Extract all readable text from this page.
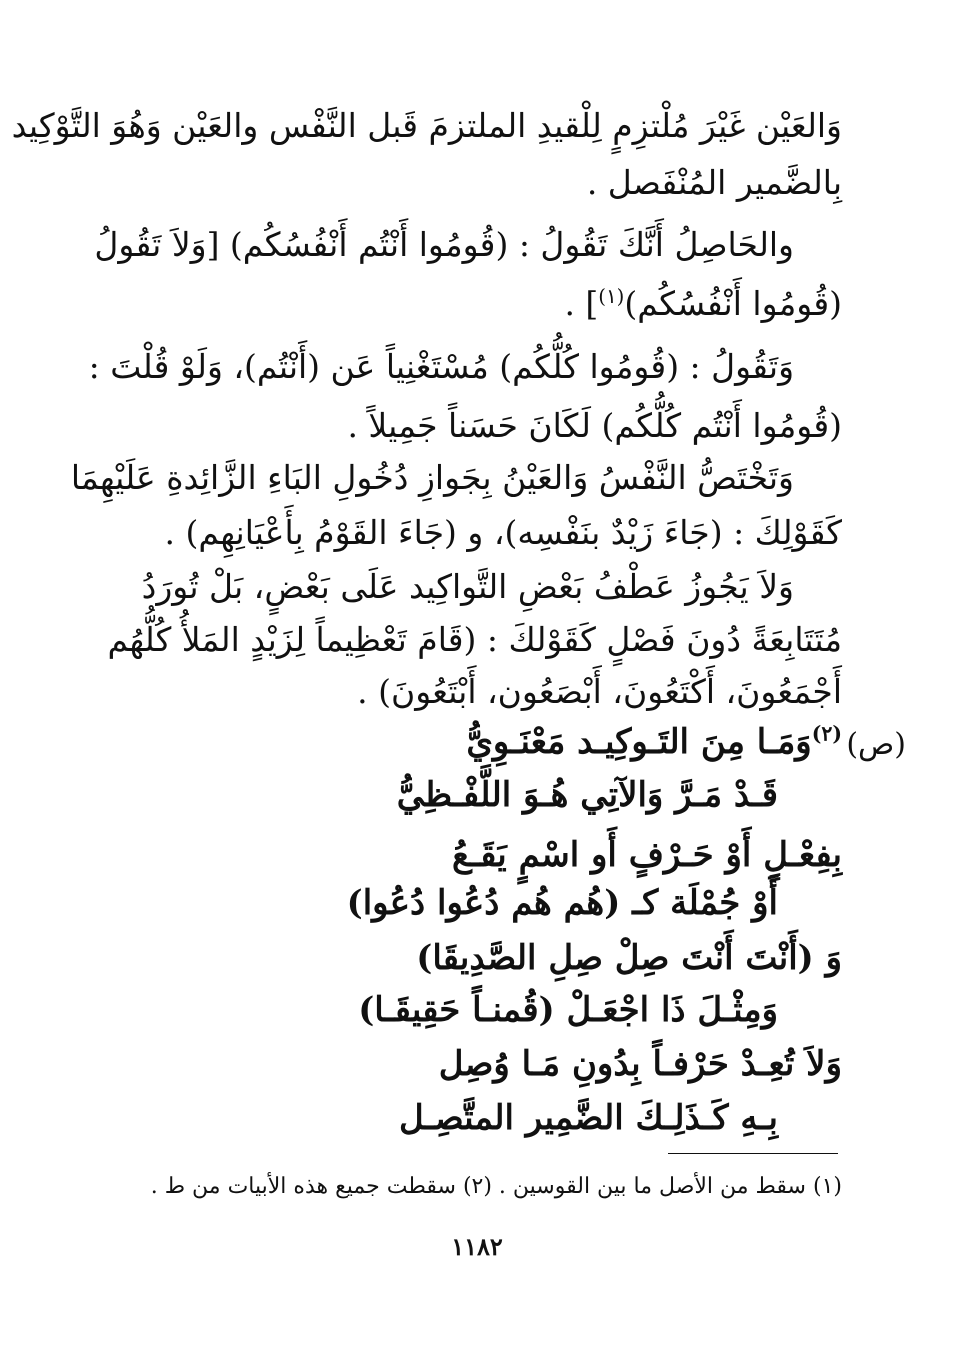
وَالعَيْن غَيْرَ مُلْتزِمٍ لِلْقيدِ الملتزمَ قَبل النَّفْس والعَيْن وَهُوَ التَّوْكِيد
بِالضَّمير المُنْفَصل .
والحَاصِلُ أَنَّكَ تَقُولُ : (قُومُوا أَنْتُم أَنْفُسُكُم) [وَلاَ تَقُولُ
(قُومُوا أَنْفُسُكُم)$^{(١)}$] .
وَتَقُولُ : (قُومُوا كُلُّكُم) مُسْتَغْنِياً عَن (أَنْتُم)، وَلَوْ قُلْتَ :
(قُومُوا أَنْتُم كُلُّكُم) لَكَانَ حَسَناً جَمِيلاً .
وَتَخْتَصُّ النَّفْسُ وَالعَيْنُ بِجَوازِ دُخُولِ البَاءِ الزَّائِدةِ عَلَيْهِمَا
كَقَوْلِكَ : (جَاءَ زَيْدٌ بنَفْسِه)، و (جَاءَ القَوْمُ بِأَعْيَانِهِم) .
وَلاَ يَجُوزُ عَطْفُ بَعْضِ التَّواكِيد عَلَى بَعْضٍ، بَلْ تُورَدُ
مُتَتَابِعَةً دُونَ فَصْلٍ كَقَوْلكَ : (قَامَ تَعْظِيماً لِزَيْدٍ المَلأُ كُلُّهُم
أَجْمَعُونَ، أَكْتَعُونَ، أَبْصَعُون، أَبْتَعُونَ) .
(ص)
$^{(٢)}$وَمَـا مِنَ التَـوكِيـد مَعْنَـوِيُّ
قَـدْ مَـرَّ وَالآتِي هُـوَ اللَّفْـظِيُّ
بِفِعْـلٍ أَوْ حَـرْفٍ أَو اسْمٍ يَقَـعُ
أَوْ جُمْلَة كـ (هُم هُم دُعُوا دُعُوا)
وَ (أَنْتَ أَنْتَ صِلْ صِلِ الصَّدِيقَا)
وَمِثْـلَ ذَا اجْعَـلْ (قُمنـاً حَقِيقَـا)
وَلاَ تُعِـدْ حَرْفـاً بِدُونِ مَـا وُصِل
بِـهِ كَـذَلِـكَ الضَّمِير المتَّصِـل
(١) سقط من الأصل ما بين القوسين . (٢) سقطت جميع هذه الأبيات من ط .
١١٨٢
